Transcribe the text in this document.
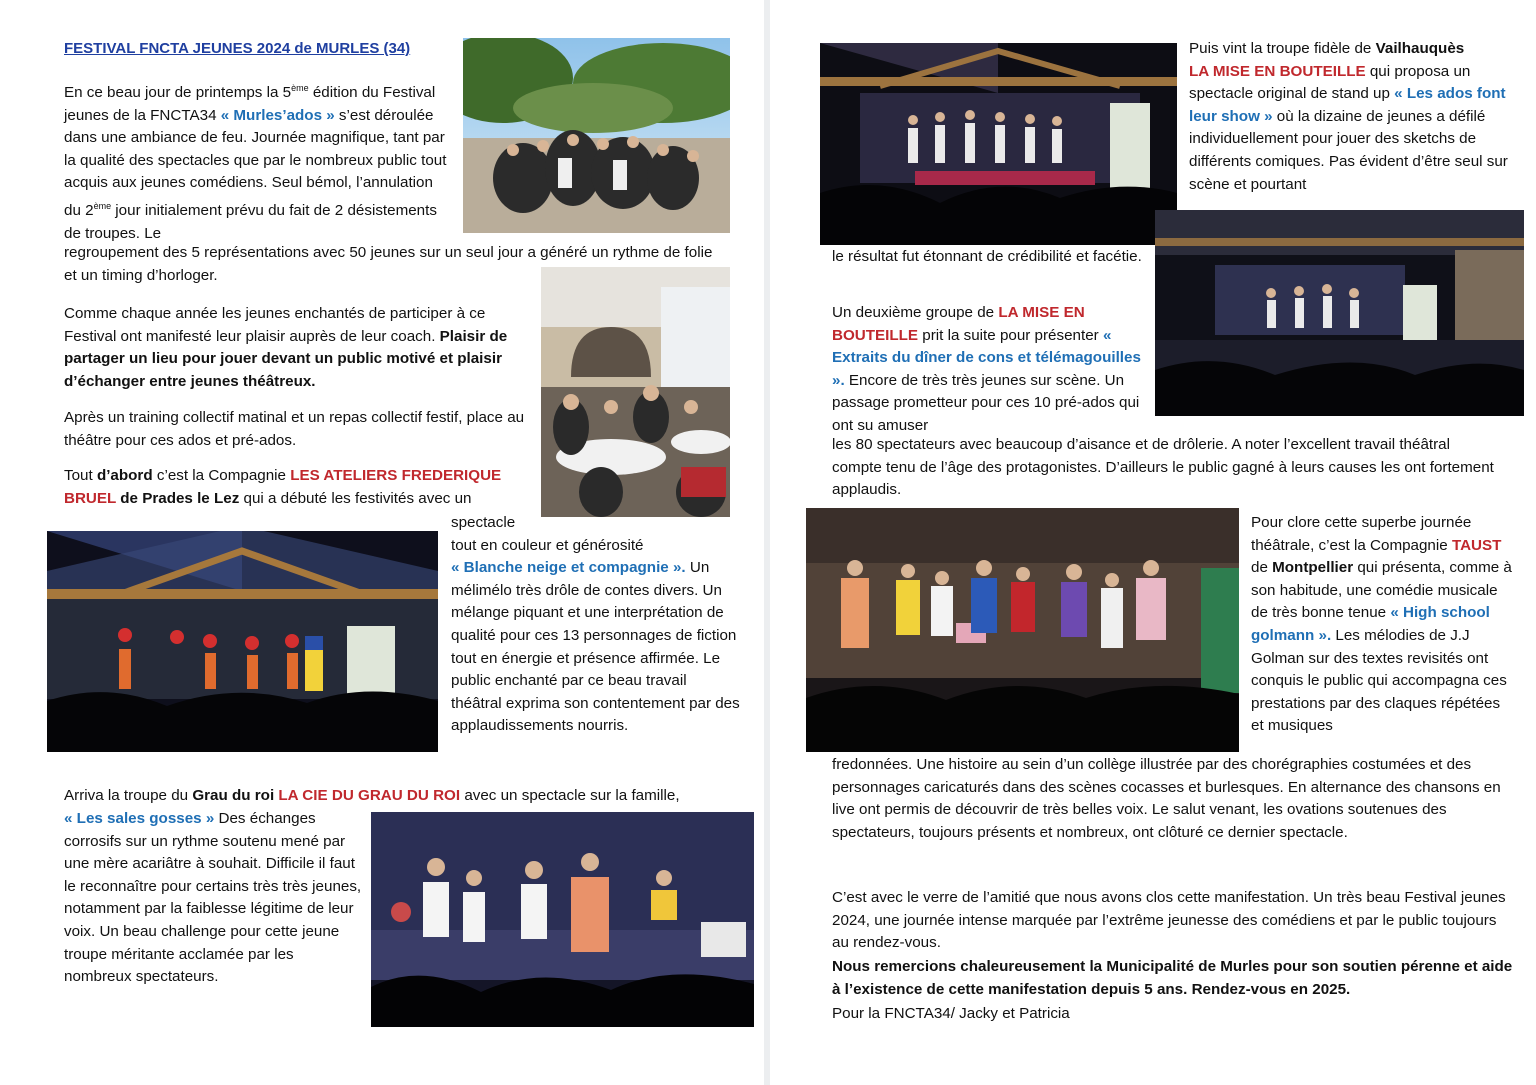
FESTIVAL FNCTA JEUNES 2024 de MURLES (34)
En ce beau jour de printemps la 5ème édition du Festival jeunes de la FNCTA34 « Murles’ados » s’est déroulée dans une ambiance de feu. Journée magnifique, tant par la qualité des spectacles que par le nombreux public tout acquis aux jeunes comédiens. Seul bémol, l’annulation du 2ème jour initialement prévu du fait de 2 désistements de troupes. Le
regroupement des 5 représentations avec 50 jeunes sur un seul jour a généré un rythme de folie et un timing d’horloger.
Comme chaque année les jeunes enchantés de participer à ce Festival ont manifesté leur plaisir auprès de leur coach. Plaisir de partager un lieu pour jouer devant un public motivé et plaisir d’échanger entre jeunes théâtreux.
Après un training collectif matinal et un repas collectif festif, place au théâtre pour ces ados et pré-ados.
Tout d’abord c’est la Compagnie LES ATELIERS FREDERIQUE BRUEL de Prades le Lez qui a débuté les festivités avec un

spectacle

tout en couleur et générosité

« Blanche neige et compagnie ». Un mélimélo très drôle de contes divers. Un mélange piquant et une interprétation de qualité pour ces 13 personnages de fiction tout en énergie et présence affirmée. Le public enchanté par ce beau travail théâtral exprima son contentement par des applaudissements nourris.

Arriva la troupe du Grau du roi LA CIE DU GRAU DU ROI avec un spectacle sur la famille,
« Les sales gosses » Des échanges corrosifs sur un rythme soutenu mené par une mère acariâtre à souhait. Difficile il faut le reconnaître pour certains très très jeunes, notamment par la faiblesse légitime de leur voix. Un beau challenge pour cette jeune troupe méritante acclamée par les nombreux spectateurs.
Puis vint la troupe fidèle de Vailhauquès
LA MISE EN BOUTEILLE qui proposa un spectacle original de stand up « Les ados font leur show » où la dizaine de jeunes a défilé individuellement pour jouer des sketchs de différents comiques. Pas évident d’être seul sur scène et pourtant
le résultat fut étonnant de crédibilité et facétie.
Un deuxième groupe de LA MISE EN BOUTEILLE prit la suite pour présenter « Extraits du dîner de cons et télémagouilles ». Encore de très très jeunes sur scène. Un passage prometteur pour ces 10 pré-ados qui ont su amuser
les 80 spectateurs avec beaucoup d’aisance et de drôlerie. A noter l’excellent travail théâtral compte tenu de l’âge des protagonistes. D’ailleurs le public gagné à leurs causes les ont fortement applaudis.
Pour clore cette superbe journée théâtrale, c’est la Compagnie TAUST de Montpellier qui présenta, comme à son habitude, une comédie musicale de très bonne tenue « High school golmann ». Les mélodies de J.J Golman sur des textes revisités ont conquis le public qui accompagna ces prestations par des claques répétées et musiques
fredonnées. Une histoire au sein d’un collège illustrée par des chorégraphies costumées et des personnages caricaturés dans des scènes cocasses et burlesques. En alternance des chansons en live ont permis de découvrir de très belles voix. Le salut venant, les ovations soutenues des spectateurs, toujours présents et nombreux, ont clôturé ce dernier spectacle.
C’est avec le verre de l’amitié que nous avons clos cette manifestation. Un très beau Festival jeunes 2024, une journée intense marquée par l’extrême jeunesse des comédiens et par le public toujours au rendez-vous.
Nous remercions chaleureusement la Municipalité de Murles pour son soutien pérenne et aide à l’existence de cette manifestation depuis 5 ans. Rendez-vous en 2025.
Pour la FNCTA34/ Jacky et Patricia
